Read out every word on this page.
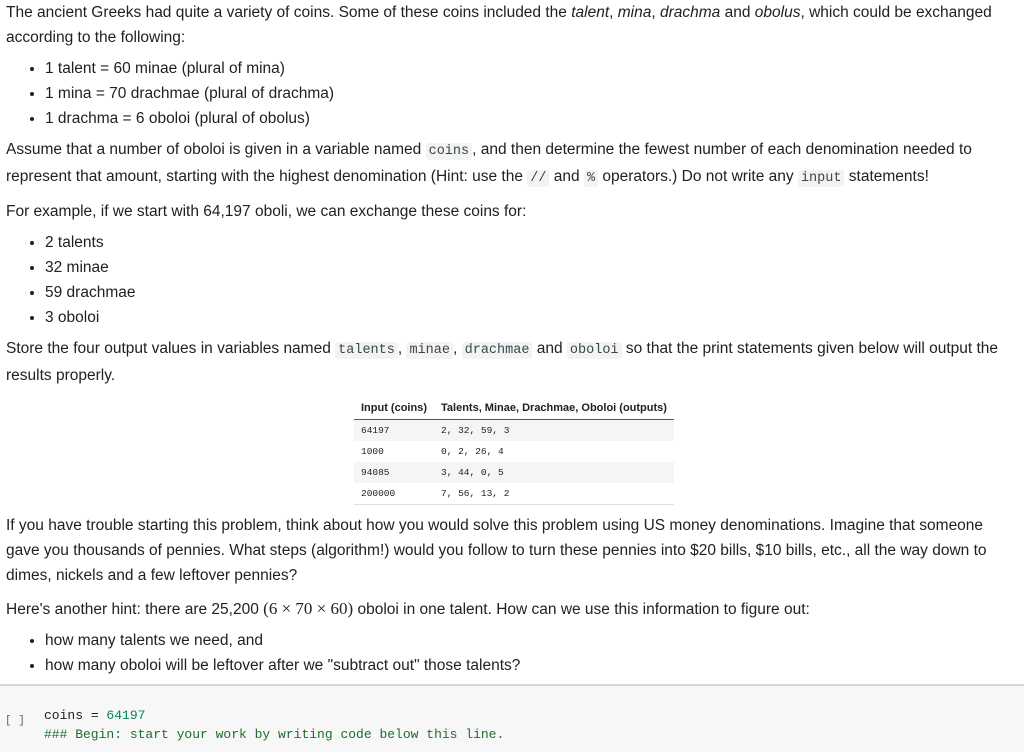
The ancient Greeks had quite a variety of coins. Some of these coins included the talent, mina, drachma and obolus, which could be exchanged according to the following:

• 1 talent = 60 minae (plural of mina)
• 1 mina = 70 drachmae (plural of drachma)
• 1 drachma = 6 oboloi (plural of obolus)

Assume that a number of oboloi is given in a variable named coins , and then determine the fewest number of each denomination needed to represent that amount, starting with the highest denomination (Hint: use the // and % operators.) Do not write any input statements!

For example, if we start with 64,197 oboli, we can exchange these coins for:

• 2 talents
• 32 minae
• 59 drachmae
• 3 oboloi

Store the four output values in variables named talents , minae , drachmae and oboloi so that the print statements given below will output the results properly.

Input (coins)	Talents, Minae, Drachmae, Oboloi (outputs)
64197	2, 32, 59, 3
1000	0, 2, 26, 4
94085	3, 44, 0, 5
200000	7, 56, 13, 2

If you have trouble starting this problem, think about how you would solve this problem using US money denominations. Imagine that someone gave you thousands of pennies. What steps (algorithm!) would you follow to turn these pennies into $20 bills, $10 bills, etc., all the way down to dimes, nickels and a few leftover pennies?

Here's another hint: there are 25,200 (6 × 70 × 60) oboloi in one talent. How can we use this information to figure out:

• how many talents we need, and
• how many oboloi will be leftover after we "subtract out" those talents?
[ ] coins = 64197
### Begin: start your work by writing code below this line.
